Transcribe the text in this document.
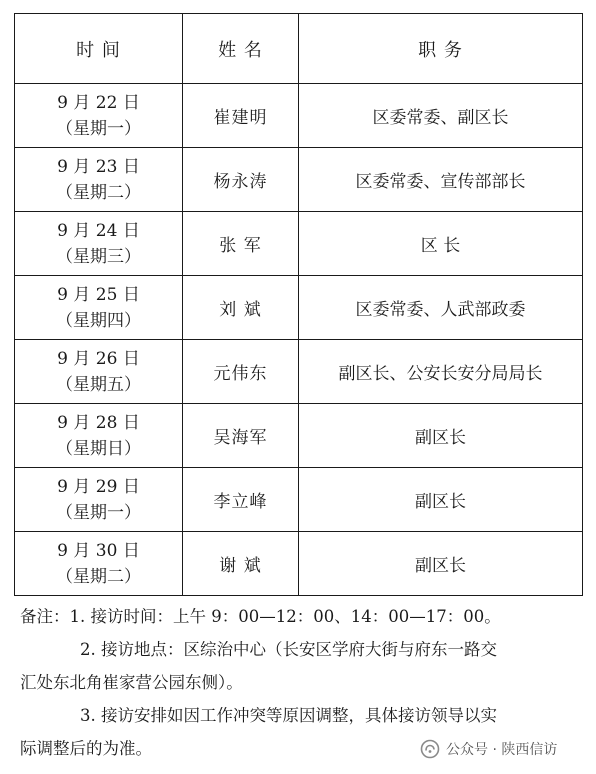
时 间	姓 名	职 务

9 月 22 日
（星期一）	崔建明	区委常委、副区长

9 月 23 日
（星期二）	杨永涛	区委常委、宣传部部长

9 月 24 日
（星期三）	张 军	区 长

9 月 25 日
（星期四）	刘 斌	区委常委、人武部政委

9 月 26 日
（星期五）	元伟东	副区长、公安长安分局局长

9 月 28 日
（星期日）	吴海军	副区长

9 月 29 日
（星期一）	李立峰	副区长

9 月 30 日
（星期二）	谢 斌	副区长

备注：1. 接访时间：上午 9：00—12：00、14：00—17：00。

2. 接访地点：区综治中心（长安区学府大街与府东一路交

汇处东北角崔家营公园东侧）。

3. 接访安排如因工作冲突等原因调整，具体接访领导以实

际调整后的为准。	公众号 · 陕西信访
